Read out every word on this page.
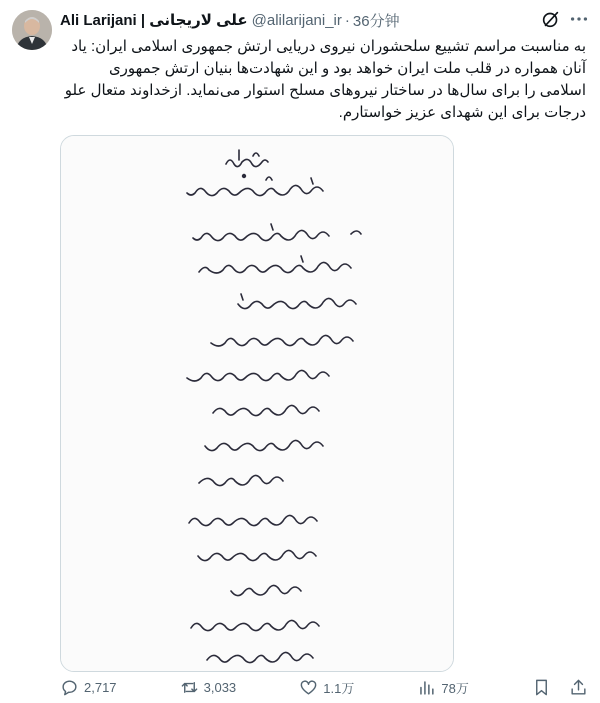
Ali Larijani | علی لاریجانی @alilarijani_ir · 36分钟
به مناسبت مراسم تشییع سلحشوران نیروی دریایی ارتش جمهوری اسلامی ایران: یاد آنان همواره در قلب ملت ایران خواهد بود و این شهادت‌ها بنیان ارتش جمهوری اسلامی را برای سال‌ها در ساختار نیروهای مسلح استوار می‌نماید. ازخداوند متعال علو درجات برای این شهدای عزیز خواستارم.
2,717	3,033	1.1万	78万
